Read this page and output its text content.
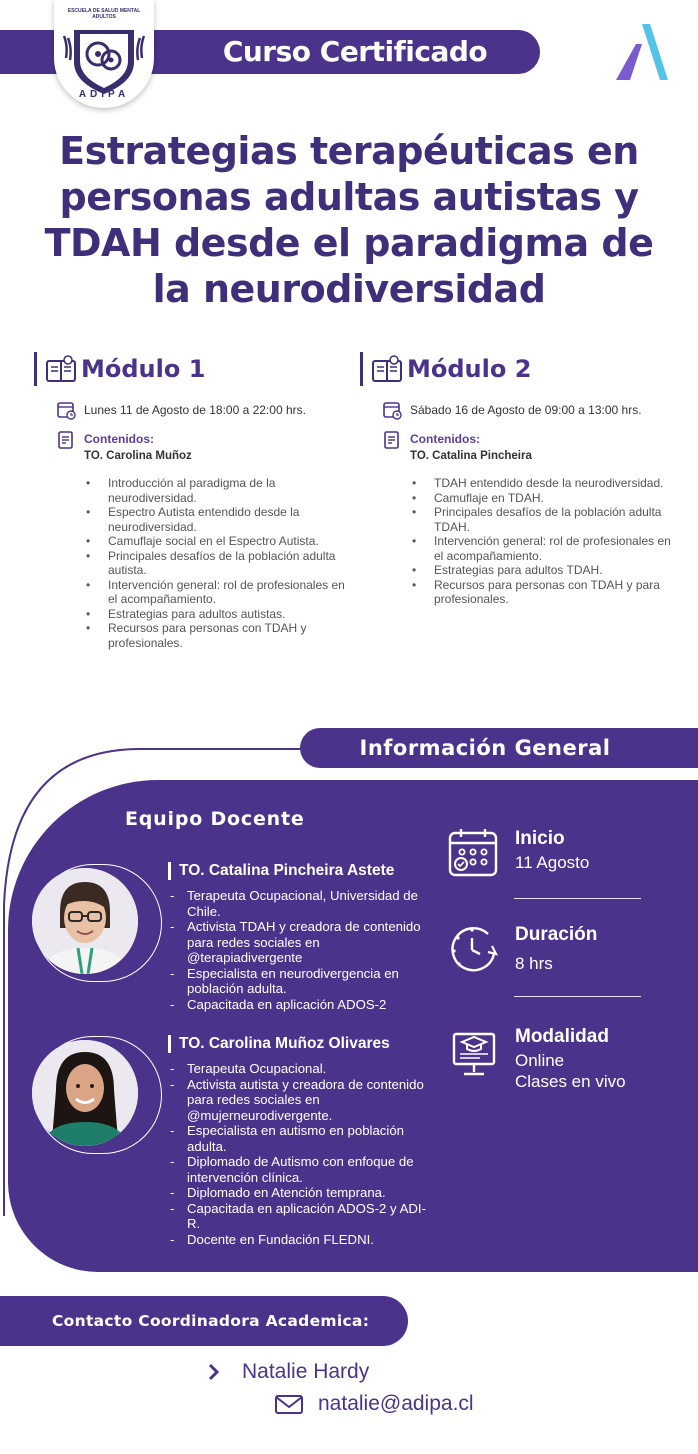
Curso Certificado
ESCUELA DE SALUD MENTAL
ADULTOS
ADIPA
Estrategias terapéuticas en personas adultas autistas y TDAH desde el paradigma de la neurodiversidad
Módulo 1
Lunes 11 de Agosto de 18:00 a 22:00 hrs.
Contenidos:
TO. Carolina Muñoz
• Introducción al paradigma de la neurodiversidad.
• Espectro Autista entendido desde la neurodiversidad.
• Camuflaje social en el Espectro Autista.
• Principales desafíos de la población adulta autista.
• Intervención general: rol de profesionales en el acompañamiento.
• Estrategias para adultos autistas.
• Recursos para personas con TDAH y profesionales.
Módulo 2
Sábado 16 de Agosto de 09:00 a 13:00 hrs.
Contenidos:
TO. Catalina Pincheira
• TDAH entendido desde la neurodiversidad.
• Camuflaje en TDAH.
• Principales desafíos de la población adulta TDAH.
• Intervención general: rol de profesionales en el acompañamiento.
• Estrategias para adultos TDAH.
• Recursos para personas con TDAH y para profesionales.
Información General
Equipo Docente
TO. Catalina Pincheira Astete
- Terapeuta Ocupacional, Universidad de Chile.
- Activista TDAH y creadora de contenido para redes sociales en @terapiadivergente
- Especialista en neurodivergencia en población adulta.
- Capacitada en aplicación ADOS-2
TO. Carolina Muñoz Olivares
- Terapeuta Ocupacional.
- Activista autista y creadora de contenido para redes sociales en @mujerneurodivergente.
- Especialista en autismo en población adulta.
- Diplomado de Autismo con enfoque de intervención clínica.
- Diplomado en Atención temprana.
- Capacitada en aplicación ADOS-2 y ADI-R.
- Docente en Fundación FLEDNI.
Inicio
11 Agosto
Duración
8 hrs
Modalidad
Online
Clases en vivo
Contacto Coordinadora Academica:
Natalie Hardy
natalie@adipa.cl
